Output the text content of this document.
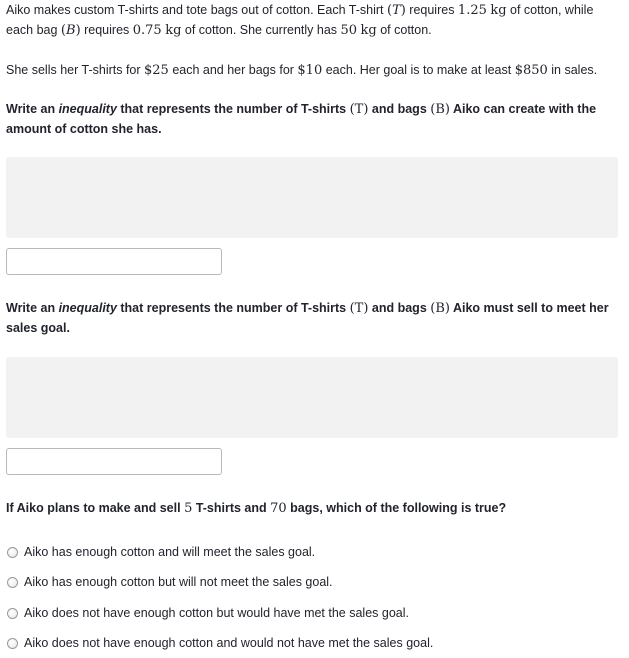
Aiko makes custom T-shirts and tote bags out of cotton. Each T-shirt (T) requires 1.25 kg of cotton, while each bag (B) requires 0.75 kg of cotton. She currently has 50 kg of cotton.
She sells her T-shirts for $25 each and her bags for $10 each. Her goal is to make at least $850 in sales.
Write an inequality that represents the number of T-shirts (T) and bags (B) Aiko can create with the amount of cotton she has.
Write an inequality that represents the number of T-shirts (T) and bags (B) Aiko must sell to meet her sales goal.
If Aiko plans to make and sell 5 T-shirts and 70 bags, which of the following is true?
Aiko has enough cotton and will meet the sales goal.
Aiko has enough cotton but will not meet the sales goal.
Aiko does not have enough cotton but would have met the sales goal.
Aiko does not have enough cotton and would not have met the sales goal.
